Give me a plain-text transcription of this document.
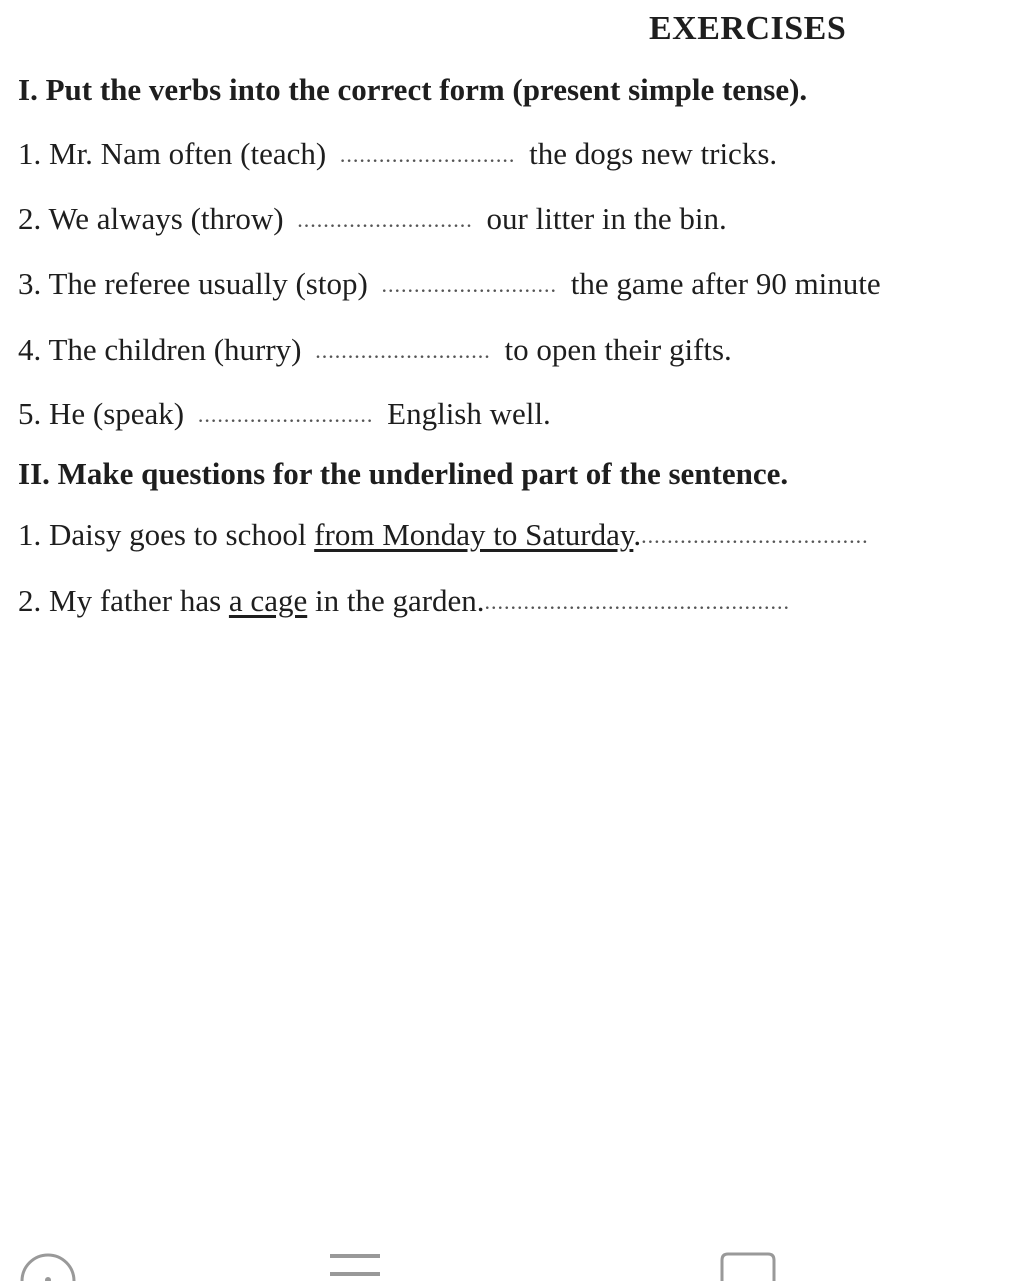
EXERCISES
I. Put the verbs into the correct form (present simple tense).
1. Mr. Nam often (teach) ........................... the dogs new tricks.
2. We always (throw) ........................... our litter in the bin.
3. The referee usually (stop) ........................... the game after 90 minute
4. The children (hurry) ........................... to open their gifts.
5. He (speak) ........................... English well.
II. Make questions for the underlined part of the sentence.
1. Daisy goes to school from Monday to Saturday....................................
2. My father has a cage in the garden................................................
